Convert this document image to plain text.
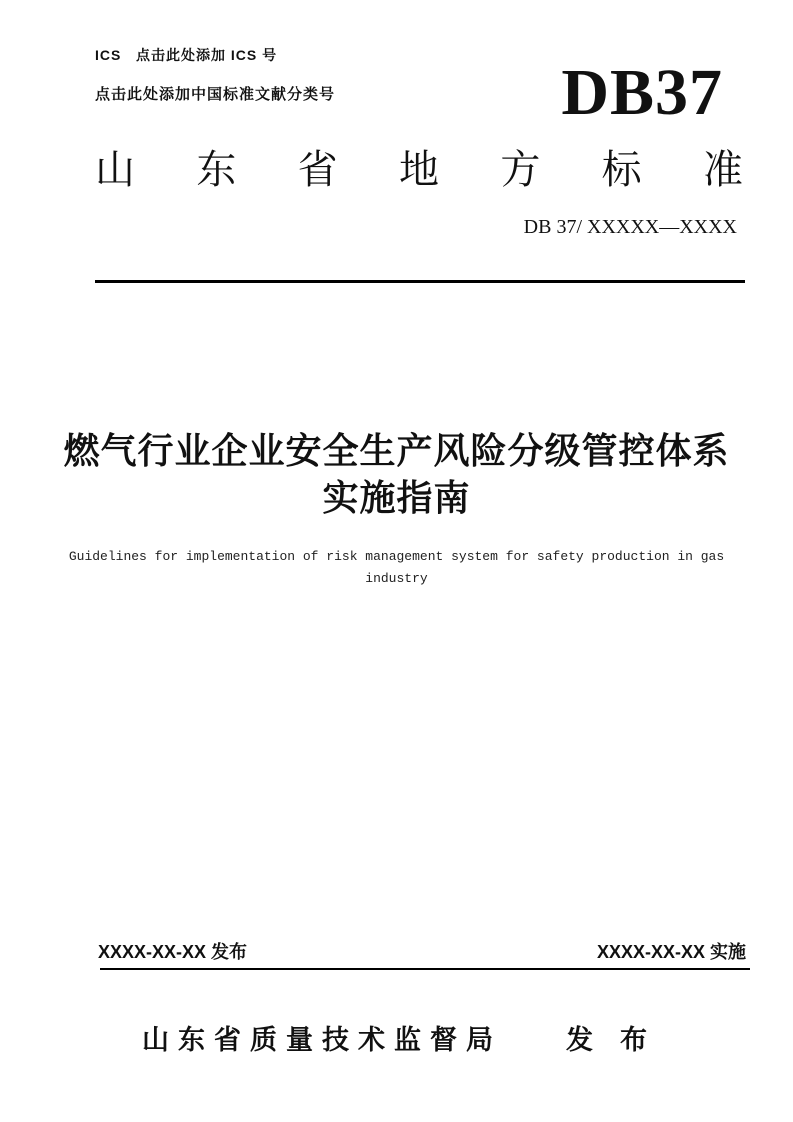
ICS   点击此处添加 ICS 号
点击此处添加中国标准文献分类号	DB37
山 东 省 地 方 标 准
DB 37/ XXXXX—XXXX
燃气行业企业安全生产风险分级管控体系
实施指南
Guidelines for implementation of risk management system for safety production in gas industry
XXXX-XX-XX 发布	XXXX-XX-XX 实施
山东省质量技术监督局 发  布
